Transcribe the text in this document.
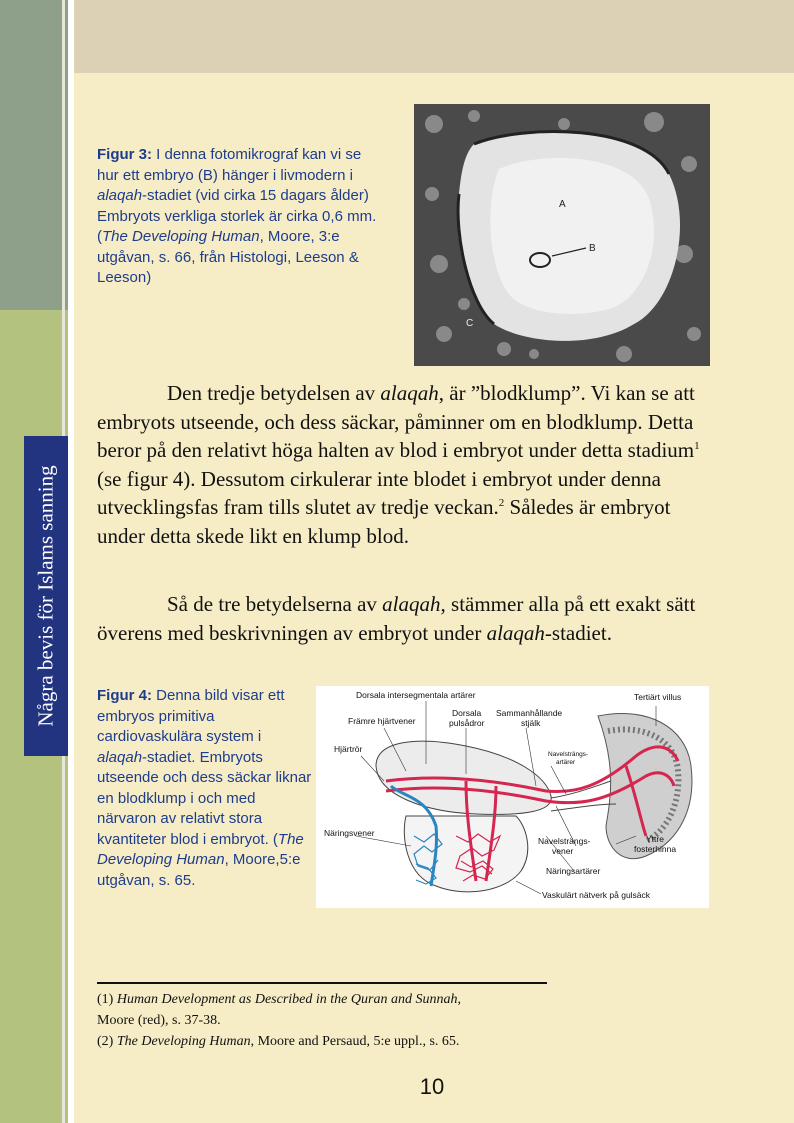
Några bevis för Islams sanning
Figur 3: I denna fotomikrograf kan vi se hur ett embryo (B) hänger i livmodern i alaqah-stadiet (vid cirka 15 dagars ålder) Embryots verkliga storlek är cirka 0,6 mm. (The Developing Human, Moore, 3:e utgåvan, s. 66, från Histologi, Leeson & Leeson)
A
B
C

Den tredje betydelsen av alaqah, är ”blodklump”. Vi kan se att embryots utseende, och dess säckar, påminner om en blodklump. Detta beror på den relativt höga halten av blod i embryot under detta stadium$^1$ (se figur 4). Dessutom cirkulerar inte blodet i embryot under denna utvecklingsfas fram tills slutet av tredje veckan.$^2$ Således är embryot under detta skede likt en klump blod.

Så de tre betydelserna av alaqah, stämmer alla på ett exakt sätt överens med beskrivningen av embryot under alaqah-stadiet.

Figur 4: Denna bild visar ett embryos primitiva cardiovaskulära system i alaqah-stadiet. Embryots utseende och dess säckar liknar en blodklump i och med närvaron av relativt stora kvantiteter blod i embryot. (The Developing Human, Moore,5:e utgåvan, s. 65.
Dorsala intersegmentala artärer	Tertiärt villus
Främre hjärtvener
Dorsala
pulsådror
Sammanhållande
stjälk
Hjärtrör
Navelsträngs-
artärer
Näringsvener
Navelsträngs-
vener
Yttre
fosterhinna
Näringsartärer
Vaskulärt nätverk på gulsäck
(1) Human Development as Described in the Quran and Sunnah,
Moore (red), s. 37-38.
(2) The Developing Human, Moore and Persaud, 5:e uppl., s. 65.
10
